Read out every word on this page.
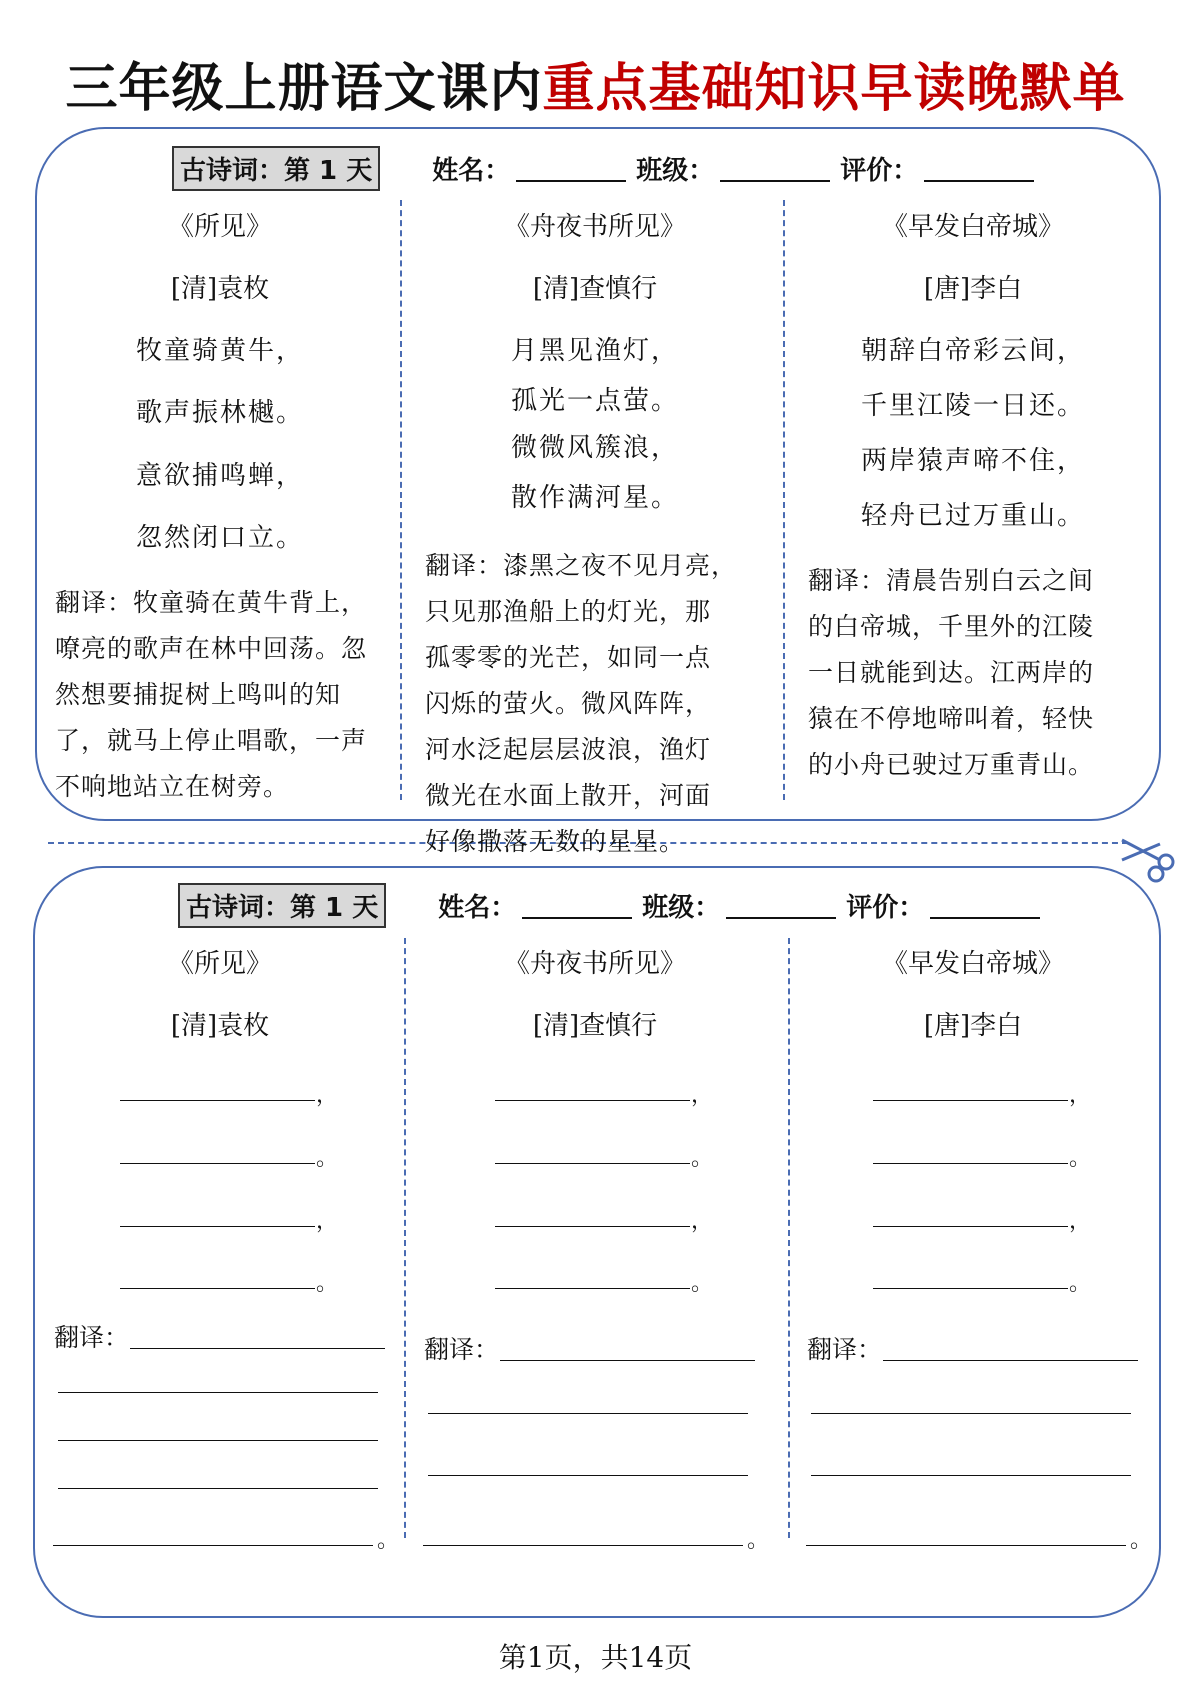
三年级上册语文课内重点基础知识早读晚默单
古诗词：第 1 天	姓名：	班级：	评价：
《所见》
[清]袁枚
牧童骑黄牛，
歌声振林樾。
意欲捕鸣蝉，
忽然闭口立。
翻译：牧童骑在黄牛背上，
嘹亮的歌声在林中回荡。忽
然想要捕捉树上鸣叫的知
了，就马上停止唱歌，一声
不响地站立在树旁。
《舟夜书所见》
[清]查慎行
月黑见渔灯，
孤光一点萤。
微微风簇浪，
散作满河星。
翻译：漆黑之夜不见月亮，
只见那渔船上的灯光，那
孤零零的光芒，如同一点
闪烁的萤火。微风阵阵，
河水泛起层层波浪，渔灯
微光在水面上散开，河面
好像撒落无数的星星。
《早发白帝城》
[唐]李白
朝辞白帝彩云间，
千里江陵一日还。
两岸猿声啼不住，
轻舟已过万重山。
翻译：清晨告别白云之间
的白帝城，千里外的江陵
一日就能到达。江两岸的
猿在不停地啼叫着，轻快
的小舟已驶过万重青山。
古诗词：第 1 天	姓名：	班级：	评价：
《所见》
[清]袁枚
，
。
，
。
翻译：
。
《舟夜书所见》
[清]查慎行
，
。
，
。
翻译：
。
《早发白帝城》
[唐]李白
，
。
，
。
翻译：
。
第1页，共14页
